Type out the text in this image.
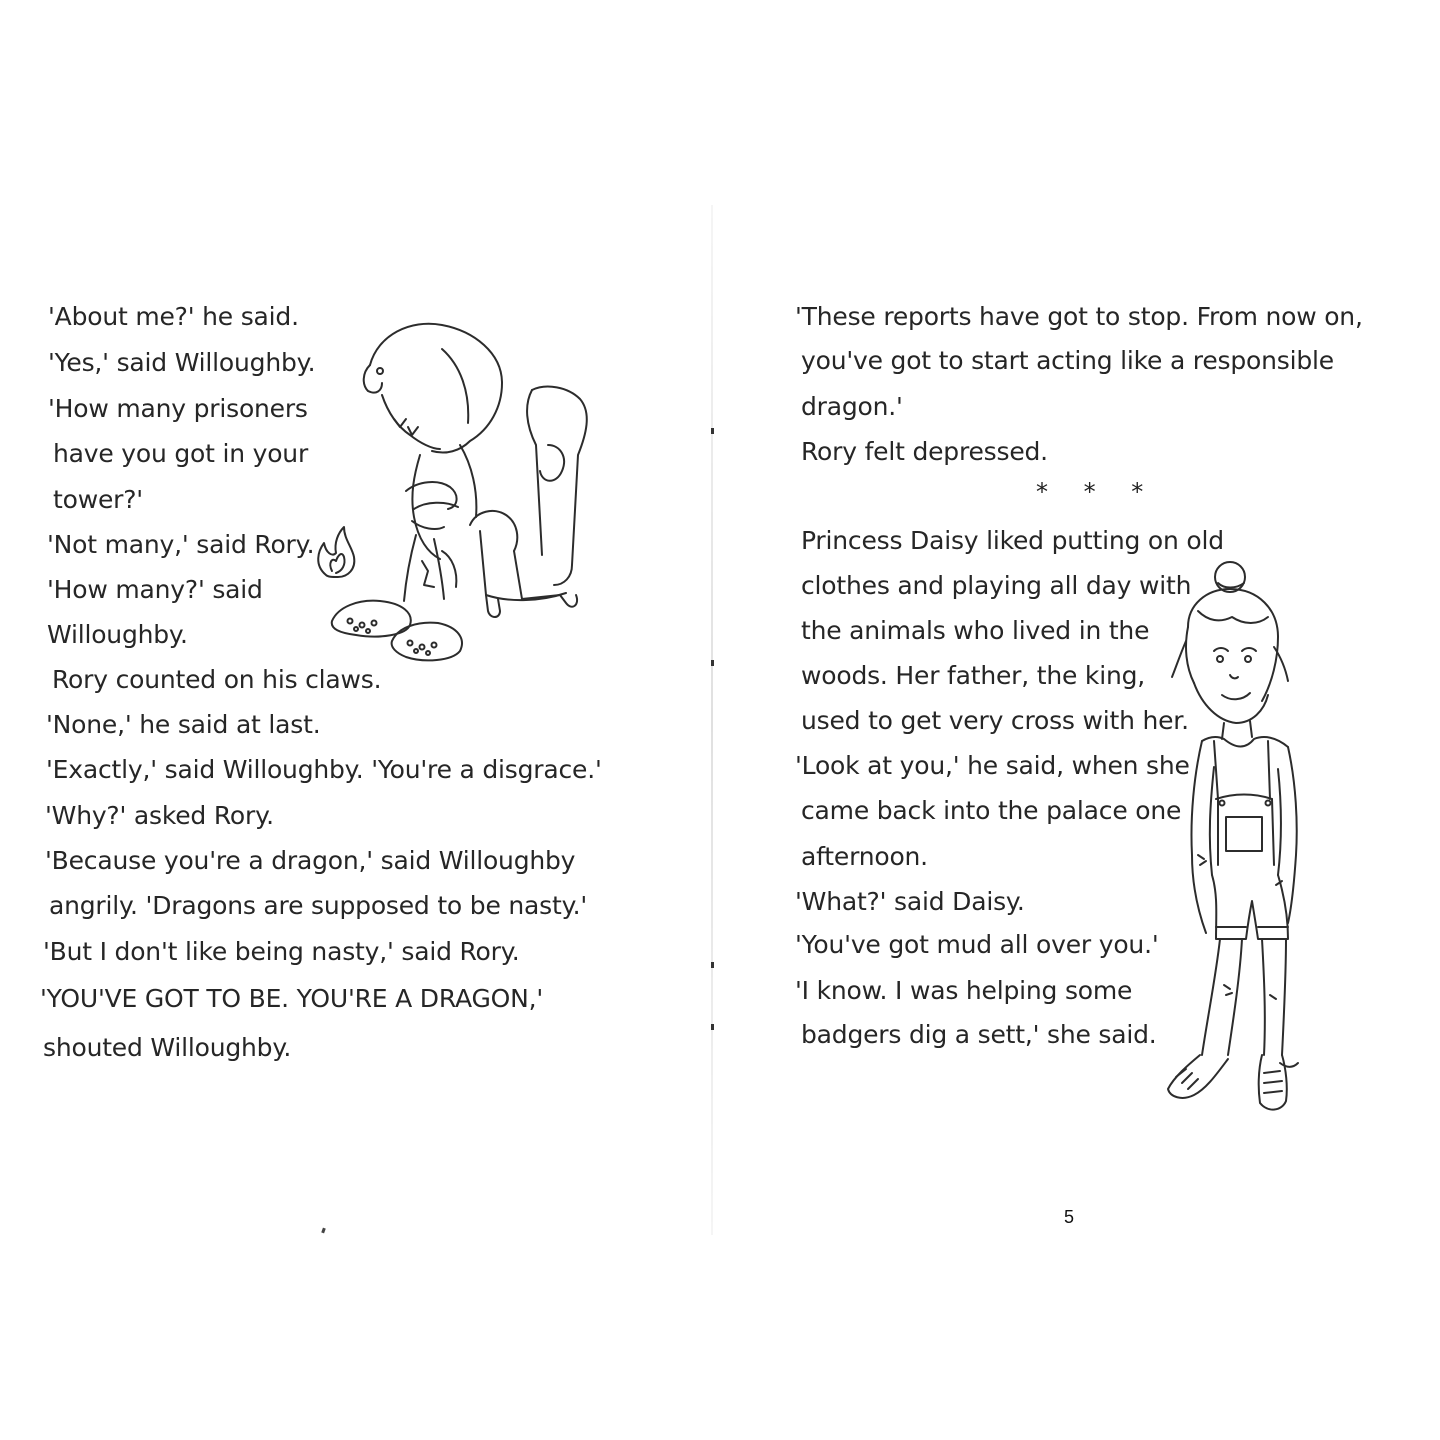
'About me?' he said.
'Yes,' said Willoughby.
'How many prisoners
have you got in your
tower?'
'Not many,' said Rory.
'How many?' said
Willoughby.
Rory counted on his claws.
'None,' he said at last.
'Exactly,' said Willoughby. 'You're a disgrace.'
'Why?' asked Rory.
'Because you're a dragon,' said Willoughby
angrily. 'Dragons are supposed to be nasty.'
'But I don't like being nasty,' said Rory.
'YOU'VE GOT TO BE. YOU'RE A DRAGON,'
shouted Willoughby.
'These reports have got to stop. From now on,
you've got to start acting like a responsible
dragon.'
Rory felt depressed.
* * *
Princess Daisy liked putting on old
clothes and playing all day with
the animals who lived in the
woods. Her father, the king,
used to get very cross with her.
'Look at you,' he said, when she
came back into the palace one
afternoon.
'What?' said Daisy.
'You've got mud all over you.'
'I know. I was helping some
badgers dig a sett,' she said.
5
